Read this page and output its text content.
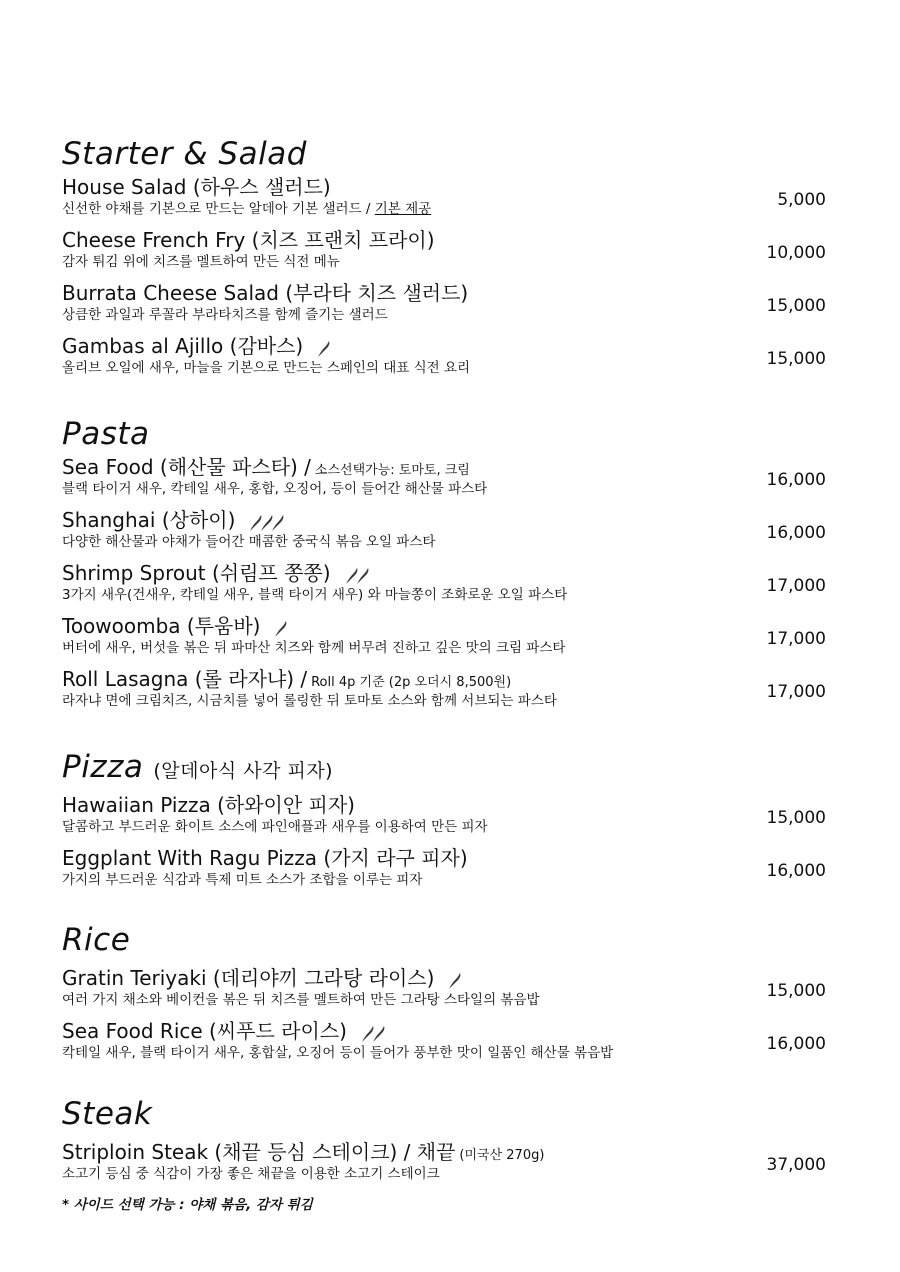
Starter & Salad
House Salad (하우스 샐러드)
신선한 야채를 기본으로 만드는 알데아 기본 샐러드 / 기본 제공	5,000
Cheese French Fry (치즈 프랜치 프라이)
감자 튀김 위에 치즈를 멜트하여 만든 식전 메뉴	10,000
Burrata Cheese Salad (부라타 치즈 샐러드)
상큼한 과일과 루꼴라 부라타치즈를 함께 즐기는 샐러드	15,000
Gambas al Ajillo (감바스)
올리브 오일에 새우, 마늘을 기본으로 만드는 스페인의 대표 식전 요리	15,000
Pasta
Sea Food (해산물 파스타) / 소스선택가능: 토마토, 크림
블랙 타이거 새우, 칵테일 새우, 홍합, 오징어, 등이 들어간 해산물 파스타	16,000
Shanghai (상하이)
다양한 해산물과 야채가 들어간 매콤한 중국식 볶음 오일 파스타	16,000
Shrimp Sprout (쉬림프 쫑쫑)
3가지 새우(건새우, 칵테일 새우, 블랙 타이거 새우) 와 마늘쫑이 조화로운 오일 파스타	17,000
Toowoomba (투움바)
버터에 새우, 버섯을 볶은 뒤 파마산 치즈와 함께 버무려 진하고 깊은 맛의 크림 파스타	17,000
Roll Lasagna (롤 라자냐) / Roll 4p 기준 (2p 오더시 8,500원)
라자냐 면에 크림치즈, 시금치를 넣어 롤링한 뒤 토마토 소스와 함께 서브되는 파스타	17,000
Pizza (알데아식 사각 피자)
Hawaiian Pizza (하와이안 피자)
달콤하고 부드러운 화이트 소스에 파인애플과 새우를 이용하여 만든 피자	15,000
Eggplant With Ragu Pizza (가지 라구 피자)
가지의 부드러운 식감과 특제 미트 소스가 조합을 이루는 피자	16,000
Rice
Gratin Teriyaki (데리야끼 그라탕 라이스)
여러 가지 채소와 베이컨을 볶은 뒤 치즈를 멜트하여 만든 그라탕 스타일의 볶음밥	15,000
Sea Food Rice (씨푸드 라이스)
칵테일 새우, 블랙 타이거 새우, 홍합살, 오징어 등이 들어가 풍부한 맛이 일품인 해산물 볶음밥	16,000
Steak
Striploin Steak (채끝 등심 스테이크) / 채끝 (미국산 270g)
소고기 등심 중 식감이 가장 좋은 채끝을 이용한 소고기 스테이크	37,000
* 사이드 선택 가능 : 야채 볶음, 감자 튀김
